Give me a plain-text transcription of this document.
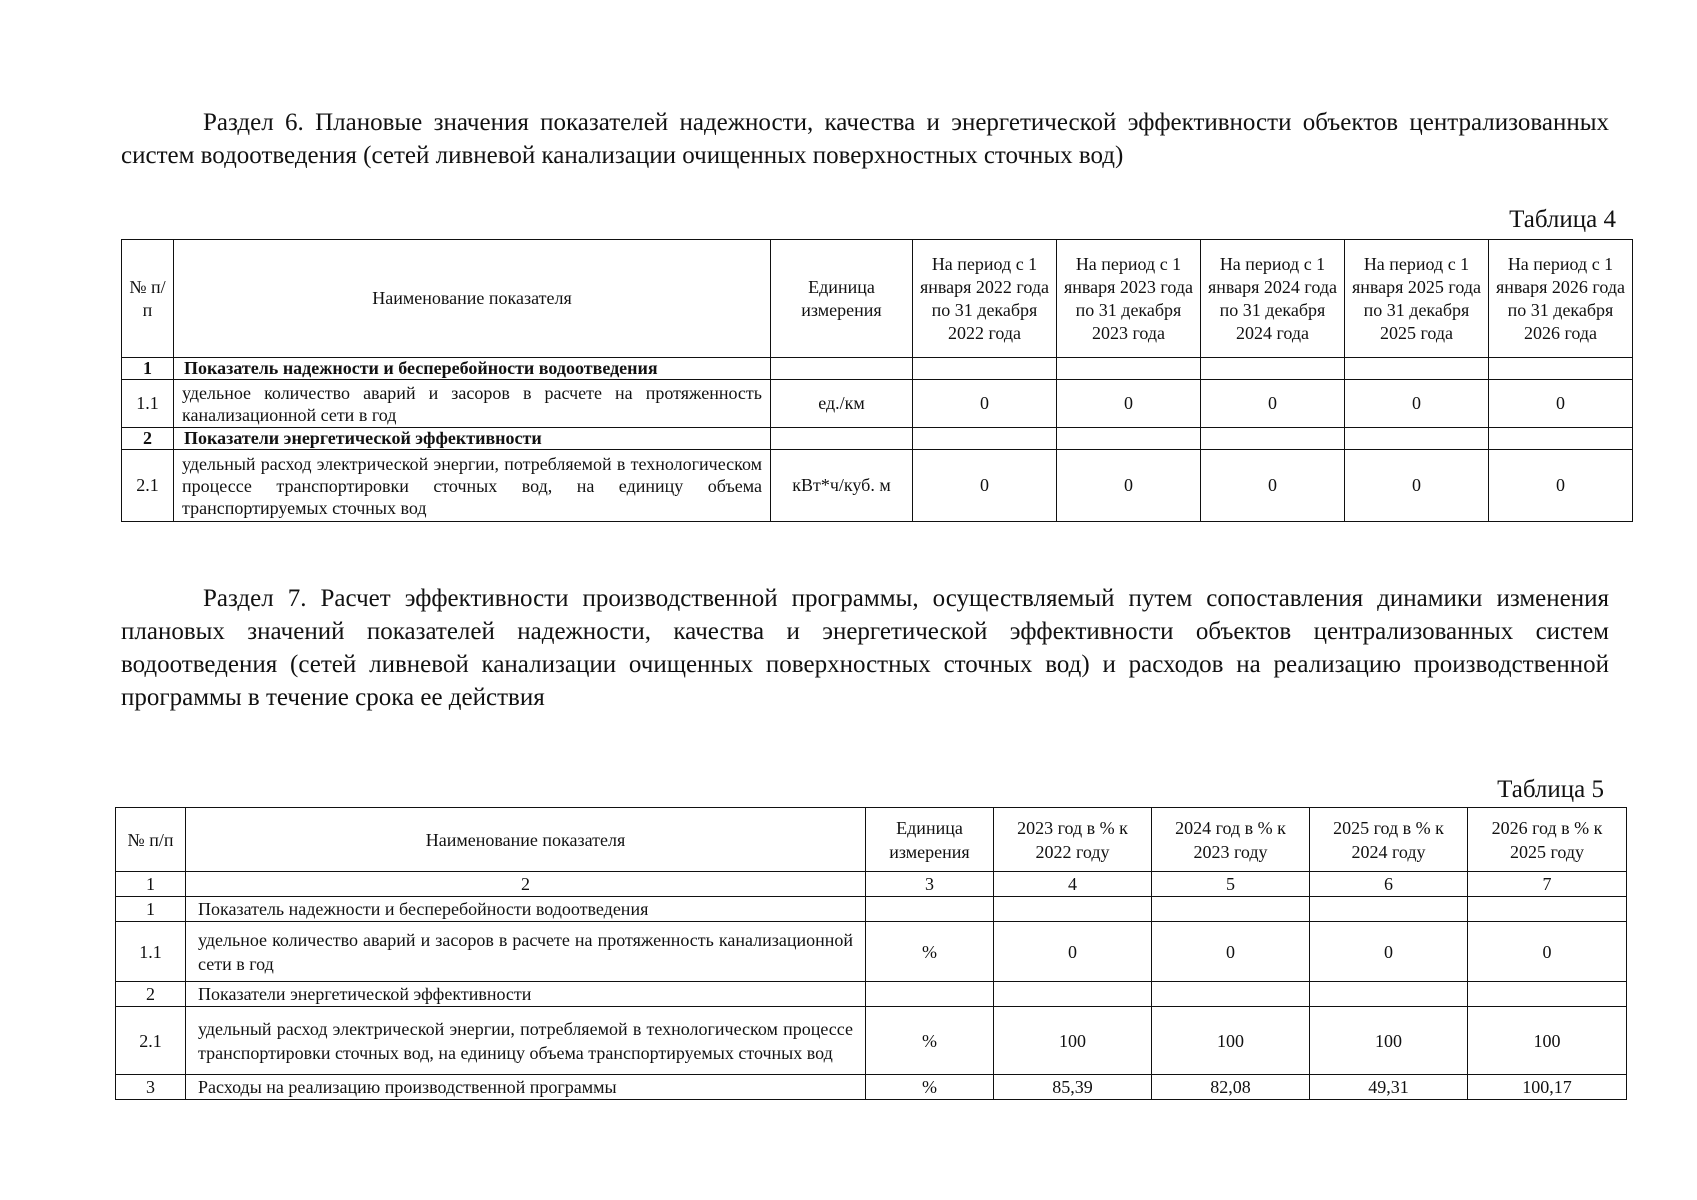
Раздел 6. Плановые значения показателей надежности, качества и энергетической эффективности объектов централизованных систем водоотведения (сетей ливневой канализации очищенных поверхностных сточных вод)

Таблица 4
№ п/п	Наименование показателя	Единица измерения	На период с 1 января 2022 года по 31 декабря 2022 года	На период с 1 января 2023 года по 31 декабря 2023 года	На период с 1 января 2024 года по 31 декабря 2024 года	На период с 1 января 2025 года по 31 декабря 2025 года	На период с 1 января 2026 года по 31 декабря 2026 года
1	Показатель надежности и бесперебойности водоотведения						
1.1	удельное количество аварий и засоров в расчете на протяженность канализационной сети в год	ед./км	0	0	0	0	0
2	Показатели энергетической эффективности						
2.1	удельный расход электрической энергии, потребляемой в технологическом процессе транспортировки сточных вод, на единицу объема транспортируемых сточных вод	кВт*ч/куб. м	0	0	0	0	0

Раздел 7. Расчет эффективности производственной программы, осуществляемый путем сопоставления динамики изменения плановых значений показателей надежности, качества и энергетической эффективности объектов централизованных систем водоотведения (сетей ливневой канализации очищенных поверхностных сточных вод) и расходов на реализацию производственной программы в течение срока ее действия

Таблица 5
№ п/п	Наименование показателя	Единица измерения	2023 год в % к 2022 году	2024 год в % к 2023 году	2025 год в % к 2024 году	2026 год в % к 2025 году
1	2	3	4	5	6	7
1	Показатель надежности и бесперебойности водоотведения					
1.1	удельное количество аварий и засоров в расчете на протяженность канализационной сети в год	%	0	0	0	0
2	Показатели энергетической эффективности					
2.1	удельный расход электрической энергии, потребляемой в технологическом процессе транспортировки сточных вод, на единицу объема транспортируемых сточных вод	%	100	100	100	100
3	Расходы на реализацию производственной программы	%	85,39	82,08	49,31	100,17
